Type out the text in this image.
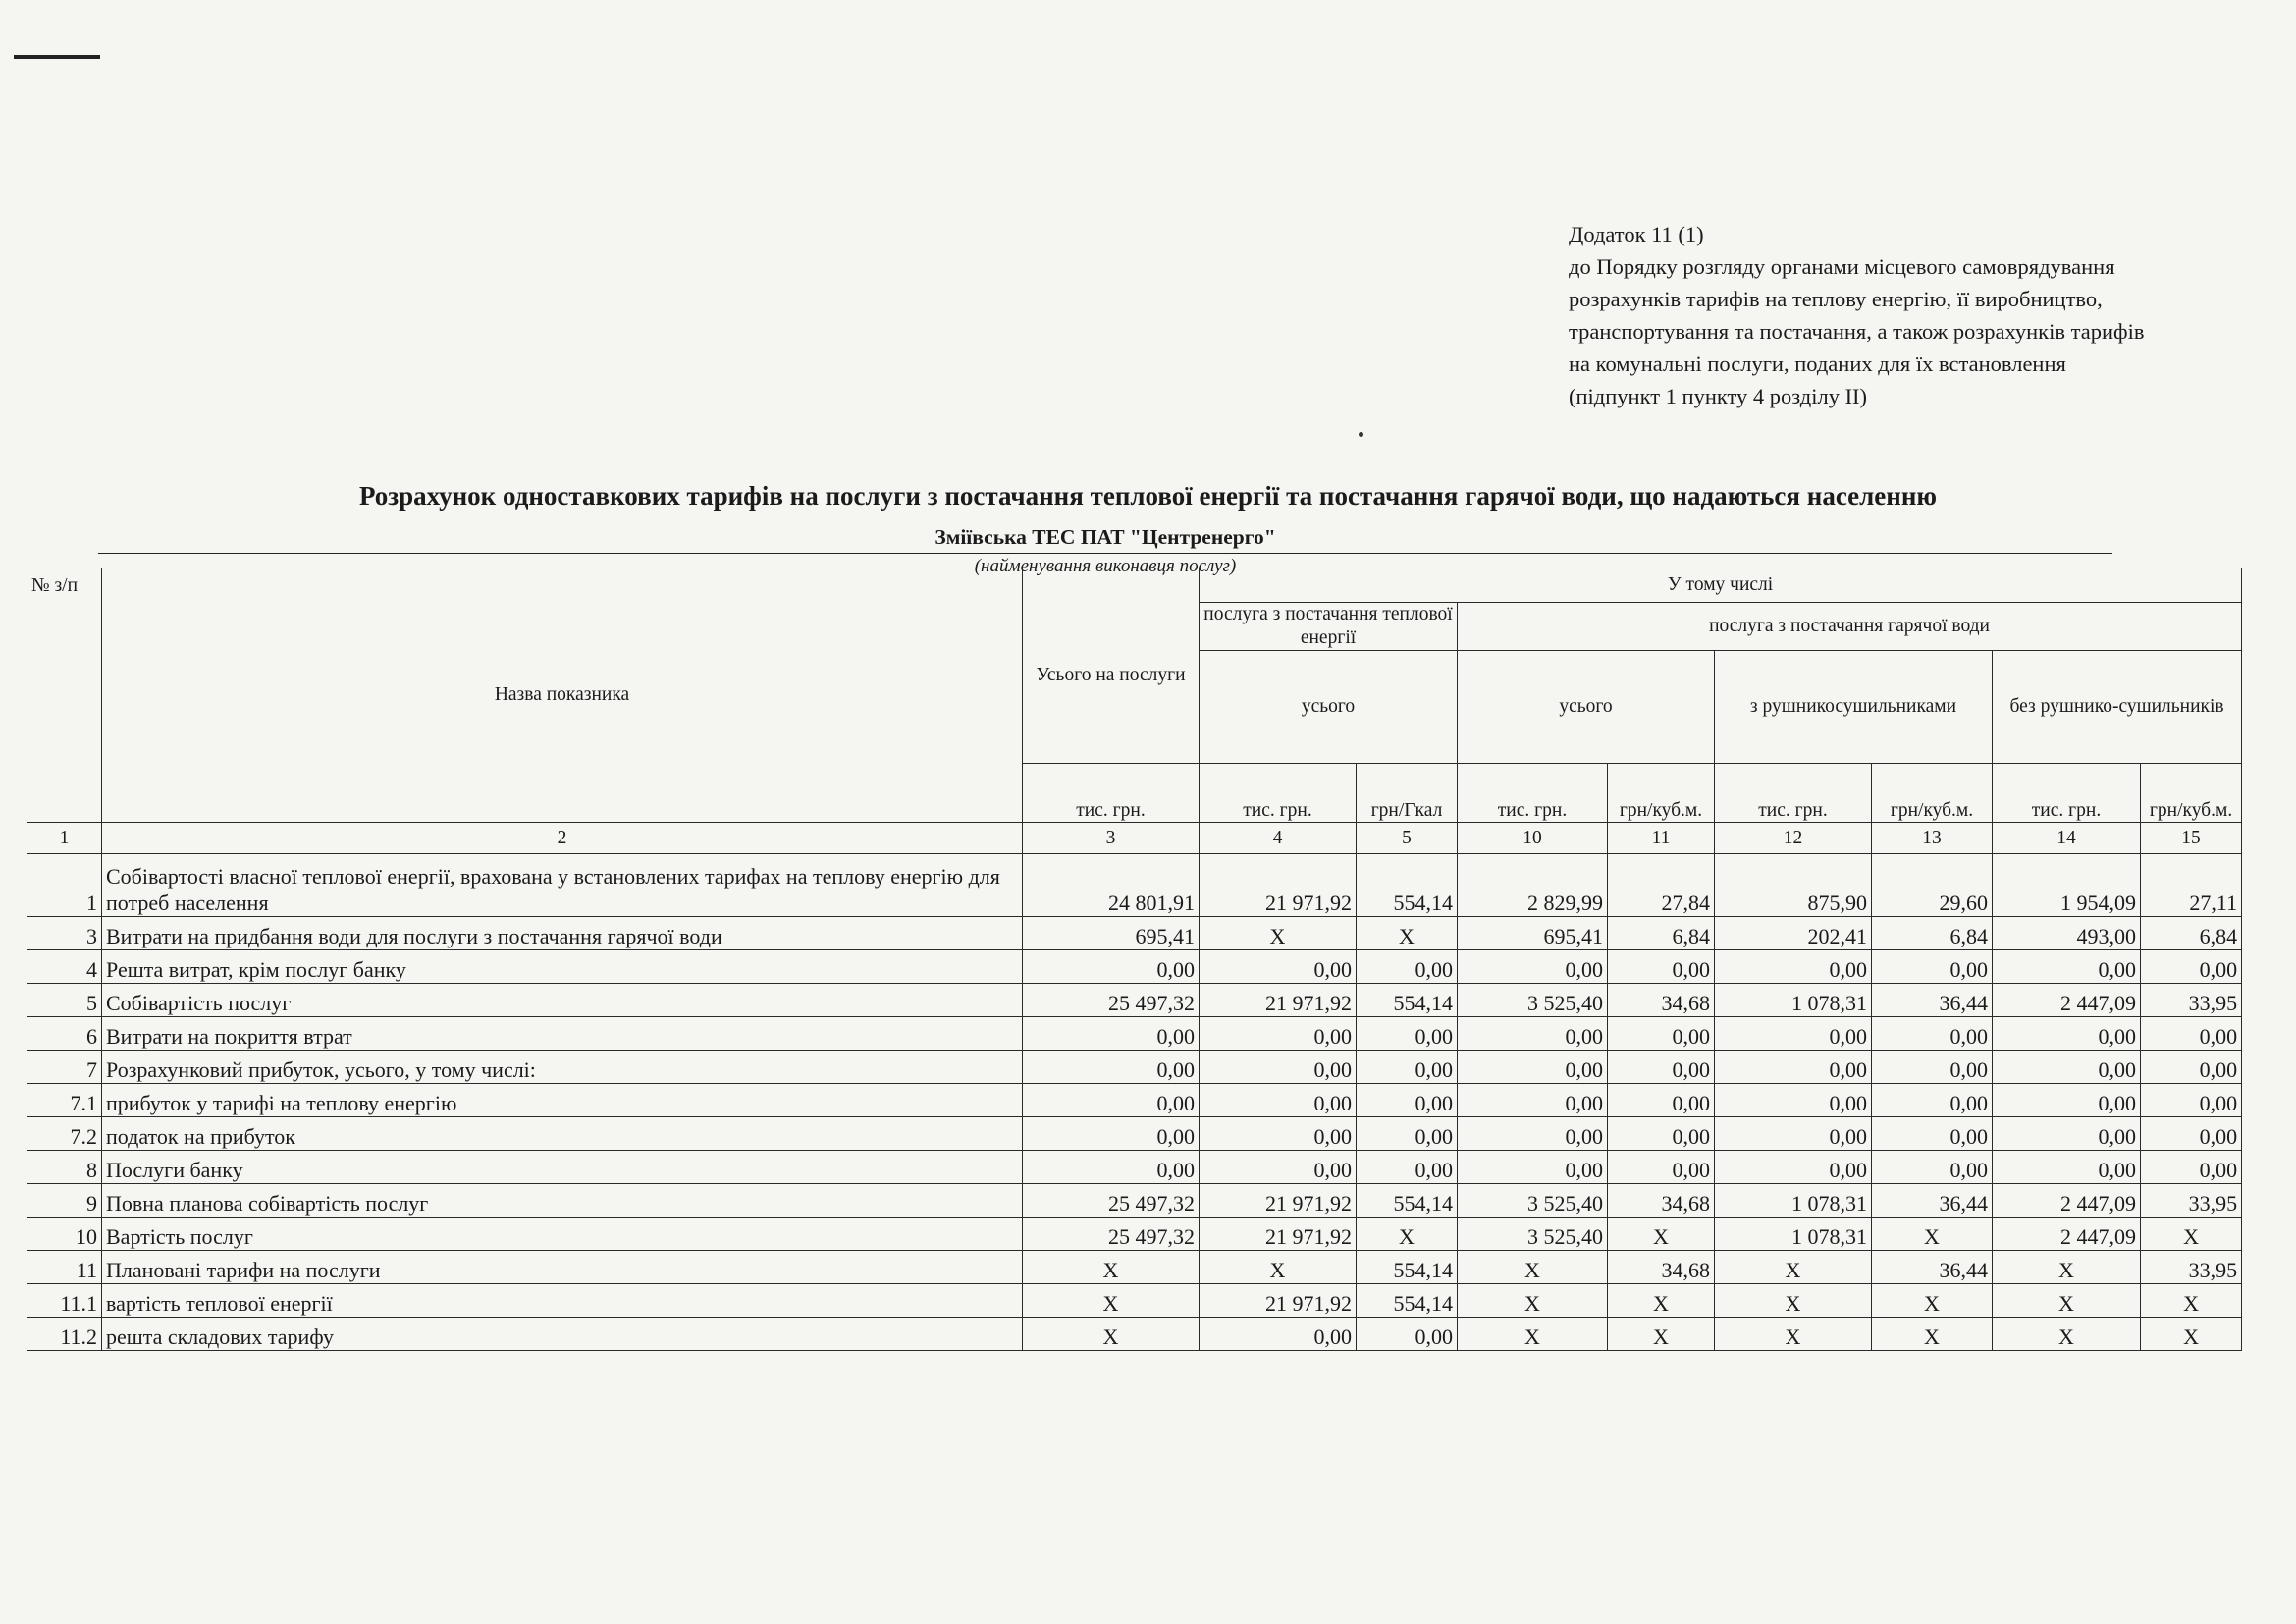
Додаток 11 (1)
до Порядку розгляду органами місцевого самоврядування
розрахунків тарифів на теплову енергію, її виробництво,
транспортування та постачання, а також розрахунків тарифів
на комунальні послуги, поданих для їх встановлення
(підпункт 1 пункту 4 розділу II)
Розрахунок одноставкових тарифів на послуги з постачання теплової енергії та постачання гарячої води, що надаються населенню
Зміївська ТЕС ПАТ "Центренерго"
(найменування виконавця послуг)
№ з/п	Назва показника	Усього на послуги	У тому числі							
			послуга з постачання теплової енергії		послуга з постачання гарячої води					
			усього		усього		з рушникосушильниками		без рушнико-сушильників	
		тис. грн.	тис. грн.	грн/Гкал	тис. грн.	грн/куб.м.	тис. грн.	грн/куб.м.	тис. грн.	грн/куб.м.
1	2	3	4	5	10	11	12	13	14	15
1	Собівартості власної теплової енергії, врахована у встановлених тарифах на теплову енергію для потреб населення	24 801,91	21 971,92	554,14	2 829,99	27,84	875,90	29,60	1 954,09	27,11
3	Витрати на придбання води для послуги з постачання гарячої води	695,41	X	X	695,41	6,84	202,41	6,84	493,00	6,84
4	Решта витрат, крім послуг банку	0,00	0,00	0,00	0,00	0,00	0,00	0,00	0,00	0,00
5	Собівартість послуг	25 497,32	21 971,92	554,14	3 525,40	34,68	1 078,31	36,44	2 447,09	33,95
6	Витрати на покриття втрат	0,00	0,00	0,00	0,00	0,00	0,00	0,00	0,00	0,00
7	Розрахунковий прибуток, усього, у тому числі:	0,00	0,00	0,00	0,00	0,00	0,00	0,00	0,00	0,00
7.1	прибуток у тарифі на теплову енергію	0,00	0,00	0,00	0,00	0,00	0,00	0,00	0,00	0,00
7.2	податок на прибуток	0,00	0,00	0,00	0,00	0,00	0,00	0,00	0,00	0,00
8	Послуги банку	0,00	0,00	0,00	0,00	0,00	0,00	0,00	0,00	0,00
9	Повна планова собівартість послуг	25 497,32	21 971,92	554,14	3 525,40	34,68	1 078,31	36,44	2 447,09	33,95
10	Вартість послуг	25 497,32	21 971,92	X	3 525,40	X	1 078,31	X	2 447,09	X
11	Плановані тарифи на послуги	X	X	554,14	X	34,68	X	36,44	X	33,95
11.1	вартість теплової енергії	X	21 971,92	554,14	X	X	X	X	X	X
11.2	решта складових тарифу	X	0,00	0,00	X	X	X	X	X	X
